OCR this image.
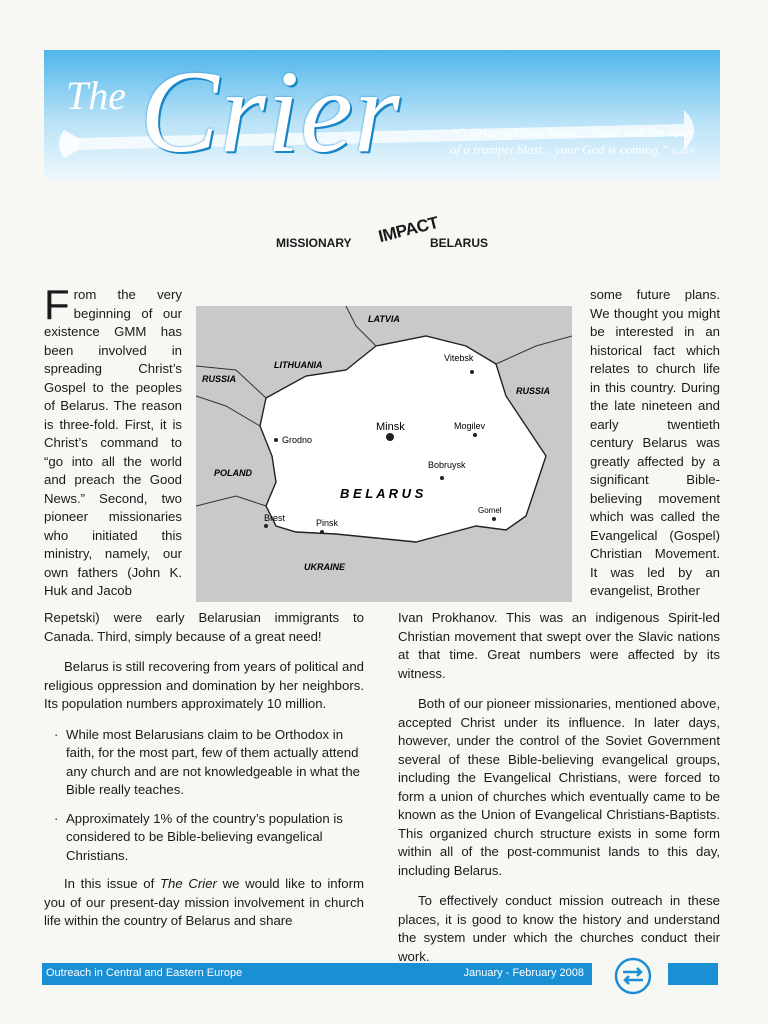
The Crier	“O Crier of Good News.... shout with the voice
of a trumpet blast... your God is coming.” Is.40:9
MISSIONARY IMPACT
BELARUS
From the very beginning of our existence GMM has been involved in spreading Christ’s Gospel to the peoples of Belarus. The reason is three-fold. First, it is Christ’s command to “go into all the world and preach the Good News.” Second, two pioneer missionaries who initiated this ministry, namely, our own fathers (John K. Huk and Jacob
LATVIA
LITHUANIA
RUSSIA
RUSSIA
POLAND
UKRAINE
B E L A R U S
Vitebsk
Minsk	Mogilev
Grodno
Bobruysk
Brest	Pinsk
Gomel
some future plans. We thought you might be interested in an historical fact which relates to church life in this country. During the late nineteen and early twentieth century Belarus was greatly affected by a significant Bible-believing movement which was called the Evangelical (Gospel) Christian Movement. It was led by an evangelist, Brother

Repetski) were early Belarusian immigrants to Canada. Third, simply because of a great need!

Belarus is still recovering from years of political and religious oppression and domination by her neighbors. Its population numbers approximately 10 million.

· While most Belarusians claim to be Orthodox in faith, for the most part, few of them actually attend any church and are not knowledgeable in what the Bible really teaches.
· Approximately 1% of the country’s population is considered to be Bible-believing evangelical Christians.

In this issue of The Crier we would like to inform you of our present-day mission involvement in church life within the country of Belarus and share

Ivan Prokhanov. This was an indigenous Spirit-led Christian movement that swept over the Slavic nations at that time. Great numbers were affected by its witness.

Both of our pioneer missionaries, mentioned above, accepted Christ under its influence. In later days, however, under the control of the Soviet Government several of these Bible-believing evangelical groups, including the Evangelical Christians, were forced to form a union of churches which eventually came to be known as the Union of Evangelical Christians-Baptists. This organized church structure exists in some form within all of the post-communist lands to this day, including Belarus.

To effectively conduct mission outreach in these places, it is good to know the history and understand the system under which the churches conduct their work.

Outreach in Central and Eastern Europe	January - February 2008
